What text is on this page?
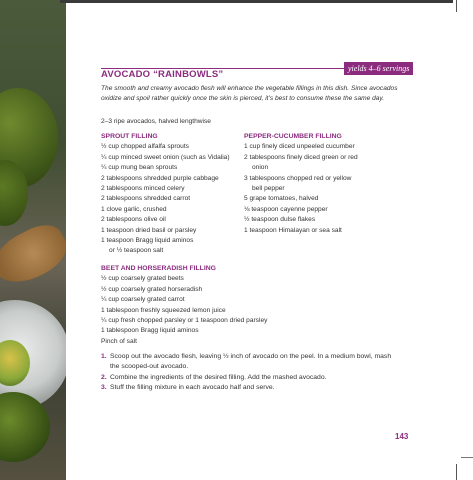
yields 4–6 servings
AVOCADO “RAINBOWLS”
The smooth and creamy avocado flesh will enhance the vegetable fillings in this dish. Since avocados oxidize and spoil rather quickly once the skin is pierced, it’s best to consume these the same day.
2–3 ripe avocados, halved lengthwise
SPROUT FILLING
½ cup chopped alfalfa sprouts
¼ cup minced sweet onion (such as Vidalia)
¼ cup mung bean sprouts
2 tablespoons shredded purple cabbage
2 tablespoons minced celery
2 tablespoons shredded carrot
1 clove garlic, crushed
2 tablespoons olive oil
1 teaspoon dried basil or parsley
1 teaspoon Bragg liquid aminos
or ½ teaspoon salt
PEPPER-CUCUMBER FILLING
1 cup finely diced unpeeled cucumber
2 tablespoons finely diced green or red
onion
3 tablespoons chopped red or yellow
bell pepper
5 grape tomatoes, halved
⅛ teaspoon cayenne pepper
½ teaspoon dulse flakes
1 teaspoon Himalayan or sea salt
BEET AND HORSERADISH FILLING
½ cup coarsely grated beets
½ cup coarsely grated horseradish
¼ cup coarsely grated carrot
1 tablespoon freshly squeezed lemon juice
¼ cup fresh chopped parsley or 1 teaspoon dried parsley
1 tablespoon Bragg liquid aminos
Pinch of salt
1. Scoop out the avocado flesh, leaving ½ inch of avocado on the peel. In a medium bowl, mash the scooped-out avocado.
2. Combine the ingredients of the desired filling. Add the mashed avocado.
3. Stuff the filling mixture in each avocado half and serve.
143
